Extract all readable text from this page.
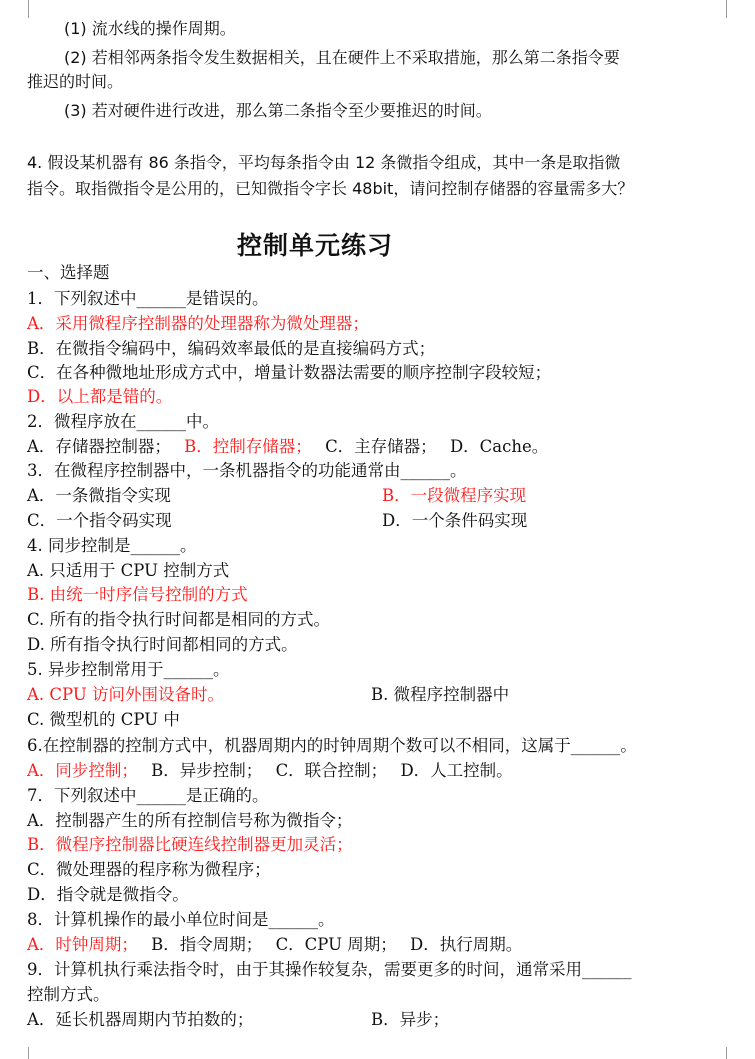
(1) 流水线的操作周期。
(2) 若相邻两条指令发生数据相关，且在硬件上不采取措施，那么第二条指令要
推迟的时间。
(3) 若对硬件进行改进，那么第二条指令至少要推迟的时间。
4. 假设某机器有 86 条指令，平均每条指令由 12 条微指令组成，其中一条是取指微
指令。取指微指令是公用的，已知微指令字长 48bit，请问控制存储器的容量需多大？
控制单元练习
一、选择题
1．下列叙述中______是错误的。
A．采用微程序控制器的处理器称为微处理器；
B．在微指令编码中，编码效率最低的是直接编码方式；
C．在各种微地址形成方式中，增量计数器法需要的顺序控制字段较短；
D．以上都是错的。
2．微程序放在______中。
A．存储器控制器； B．控制存储器； C．主存储器； D．Cache。
3．在微程序控制器中，一条机器指令的功能通常由______。
A．一条微指令实现	B．一段微程序实现
C．一个指令码实现	D．一个条件码实现
4. 同步控制是______。
A. 只适用于 CPU 控制方式
B. 由统一时序信号控制的方式
C. 所有的指令执行时间都是相同的方式。
D. 所有指令执行时间都相同的方式。
5. 异步控制常用于______。
A. CPU 访问外围设备时。	B. 微程序控制器中
C. 微型机的 CPU 中
6.在控制器的控制方式中，机器周期内的时钟周期个数可以不相同，这属于______。
A．同步控制； B．异步控制； C．联合控制； D．人工控制。
7．下列叙述中______是正确的。
A．控制器产生的所有控制信号称为微指令；
B．微程序控制器比硬连线控制器更加灵活；
C．微处理器的程序称为微程序；
D．指令就是微指令。
8．计算机操作的最小单位时间是______。
A．时钟周期； B．指令周期； C．CPU 周期； D．执行周期。
9．计算机执行乘法指令时，由于其操作较复杂，需要更多的时间，通常采用______
控制方式。
A．延长机器周期内节拍数的；	B．异步；
